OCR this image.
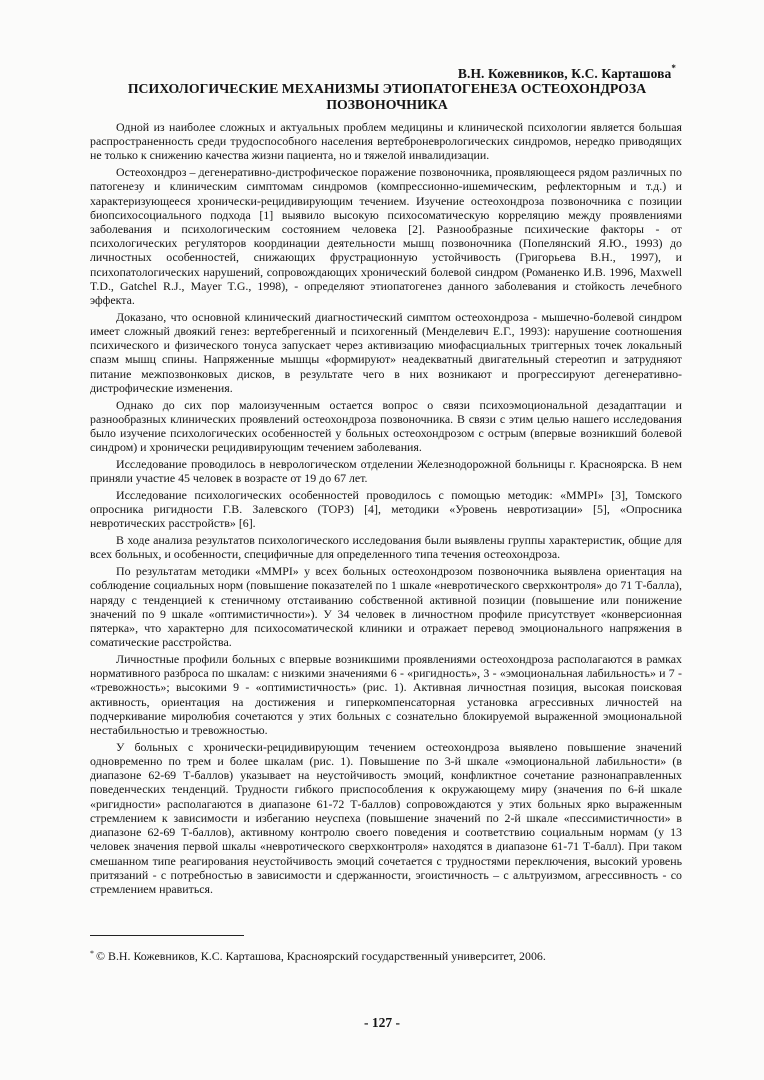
В.Н. Кожевников, К.С. Карташова*
ПСИХОЛОГИЧЕСКИЕ МЕХАНИЗМЫ ЭТИОПАТОГЕНЕЗА ОСТЕОХОНДРОЗА ПОЗВОНОЧНИКА

Одной из наиболее сложных и актуальных проблем медицины и клинической психологии является большая распространенность среди трудоспособного населения вертеброневрологических синдромов, нередко приводящих не только к снижению качества жизни пациента, но и тяжелой инвалидизации.

Остеохондроз – дегенеративно-дистрофическое поражение позвоночника, проявляющееся рядом различных по патогенезу и клиническим симптомам синдромов (компрессионно-ишемическим, рефлекторным и т.д.) и характеризующееся хронически-рецидивирующим течением. Изучение остеохондроза позвоночника с позиции биопсихосоциального подхода [1] выявило высокую психосоматическую корреляцию между проявлениями заболевания и психологическим состоянием человека [2]. Разнообразные психические факторы - от психологических регуляторов координации деятельности мышц позвоночника (Попелянский Я.Ю., 1993) до личностных особенностей, снижающих фрустрационную устойчивость (Григорьева В.Н., 1997), и психопатологических нарушений, сопровождающих хронический болевой синдром (Романенко И.В. 1996, Maxwell T.D., Gatchel R.J., Mayer T.G., 1998), - определяют этиопатогенез данного заболевания и стойкость лечебного эффекта.

Доказано, что основной клинический диагностический симптом остеохондроза - мышечно-болевой синдром имеет сложный двоякий генез: вертебрегенный и психогенный (Менделевич Е.Г., 1993): нарушение соотношения психического и физического тонуса запускает через активизацию миофасциальных триггерных точек локальный спазм мышц спины. Напряженные мышцы «формируют» неадекватный двигательный стереотип и затрудняют питание межпозвонковых дисков, в результате чего в них возникают и прогрессируют дегенеративно-дистрофические изменения.

Однако до сих пор малоизученным остается вопрос о связи психоэмоциональной дезадаптации и разнообразных клинических проявлений остеохондроза позвоночника. В связи с этим целью нашего исследования было изучение психологических особенностей у больных остеохондрозом с острым (впервые возникший болевой синдром) и хронически рецидивирующим течением заболевания.

Исследование проводилось в неврологическом отделении Железнодорожной больницы г. Красноярска. В нем приняли участие 45 человек в возрасте от 19 до 67 лет.

Исследование психологических особенностей проводилось с помощью методик: «ММPI» [3], Томского опросника ригидности Г.В. Залевского (ТОРЗ) [4], методики «Уровень невротизации» [5], «Опросника невротических расстройств» [6].

В ходе анализа результатов психологического исследования были выявлены группы характеристик, общие для всех больных, и особенности, специфичные для определенного типа течения остеохондроза.

По результатам методики «ММPI» у всех больных остеохондрозом позвоночника выявлена ориентация на соблюдение социальных норм (повышение показателей по 1 шкале «невротического сверхконтроля» до 71 Т-балла), наряду с тенденцией к стеничному отстаиванию собственной активной позиции (повышение или понижение значений по 9 шкале «оптимистичности»). У 34 человек в личностном профиле присутствует «конверсионная пятерка», что характерно для психосоматической клиники и отражает перевод эмоционального напряжения в соматические расстройства.

Личностные профили больных с впервые возникшими проявлениями остеохондроза располагаются в рамках нормативного разброса по шкалам: с низкими значениями 6 - «ригидность», 3 - «эмоциональная лабильность» и 7 - «тревожность»; высокими 9 - «оптимистичность» (рис. 1). Активная личностная позиция, высокая поисковая активность, ориентация на достижения и гиперкомпенсаторная установка агрессивных личностей на подчеркивание миролюбия сочетаются у этих больных с сознательно блокируемой выраженной эмоциональной нестабильностью и тревожностью.

У больных с хронически-рецидивирующим течением остеохондроза выявлено повышение значений одновременно по трем и более шкалам (рис. 1). Повышение по 3-й шкале «эмоциональной лабильности» (в диапазоне 62-69 Т-баллов) указывает на неустойчивость эмоций, конфликтное сочетание разнонаправленных поведенческих тенденций. Трудности гибкого приспособления к окружающему миру (значения по 6-й шкале «ригидности» располагаются в диапазоне 61-72 Т-баллов) сопровождаются у этих больных ярко выраженным стремлением к зависимости и избеганию неуспеха (повышение значений по 2-й шкале «пессимистичности» в диапазоне 62-69 Т-баллов), активному контролю своего поведения и соответствию социальным нормам (у 13 человек значения первой шкалы «невротического сверхконтроля» находятся в диапазоне 61-71 Т-балл). При таком смешанном типе реагирования неустойчивость эмоций сочетается с трудностями переключения, высокий уровень притязаний - с потребностью в зависимости и сдержанности, эгоистичность – с альтруизмом, агрессивность - со стремлением нравиться.

* © В.Н. Кожевников, К.С. Карташова, Красноярский государственный университет, 2006.
- 127 -
